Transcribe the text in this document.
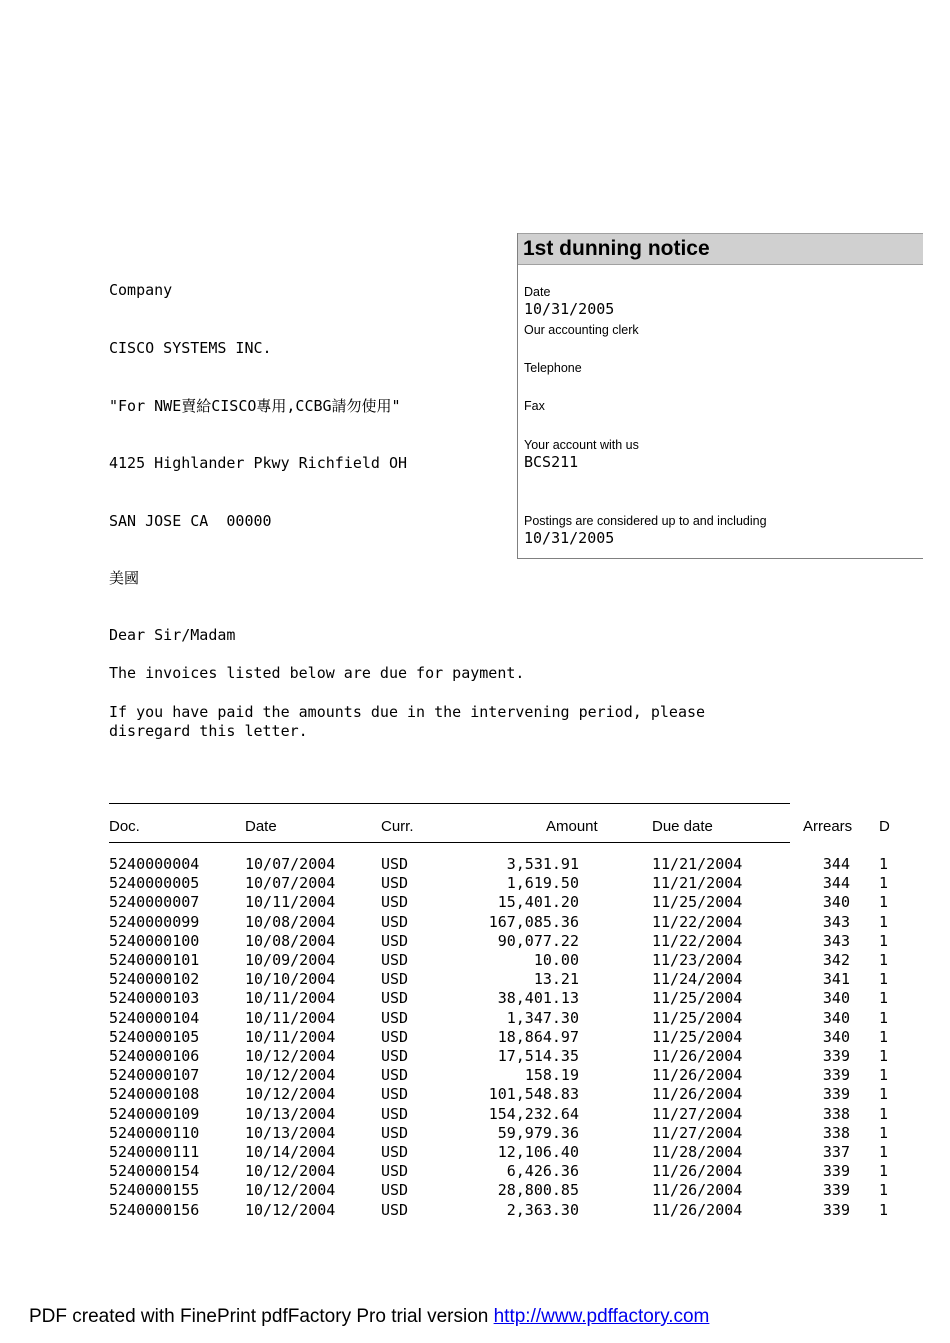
Company

CISCO SYSTEMS INC.

"For NWE賣給CISCO專用,CCBG請勿使用"

4125 Highlander Pkwy Richfield OH

SAN JOSE CA  00000

美國

1st dunning notice
Date
10/31/2005
Our accounting clerk
Telephone
Fax
Your account with us
BCS211
Postings are considered up to and including
10/31/2005

Dear Sir/Madam

The invoices listed below are due for payment.

If you have paid the amounts due in the intervening period, please

disregard this letter.

Doc.	Date	Curr.	Amount	Due date	Arrears D
5240000004	10/07/2004	USD	3,531.91	11/21/2004	344 1
5240000005	10/07/2004	USD	1,619.50	11/21/2004	344 1
5240000007	10/11/2004	USD	15,401.20	11/25/2004	340 1
5240000099	10/08/2004	USD	167,085.36	11/22/2004	343 1
5240000100	10/08/2004	USD	90,077.22	11/22/2004	343 1
5240000101	10/09/2004	USD	10.00	11/23/2004	342 1
5240000102	10/10/2004	USD	13.21	11/24/2004	341 1
5240000103	10/11/2004	USD	38,401.13	11/25/2004	340 1
5240000104	10/11/2004	USD	1,347.30	11/25/2004	340 1
5240000105	10/11/2004	USD	18,864.97	11/25/2004	340 1
5240000106	10/12/2004	USD	17,514.35	11/26/2004	339 1
5240000107	10/12/2004	USD	158.19	11/26/2004	339 1
5240000108	10/12/2004	USD	101,548.83	11/26/2004	339 1
5240000109	10/13/2004	USD	154,232.64	11/27/2004	338 1
5240000110	10/13/2004	USD	59,979.36	11/27/2004	338 1
5240000111	10/14/2004	USD	12,106.40	11/28/2004	337 1
5240000154	10/12/2004	USD	6,426.36	11/26/2004	339 1
5240000155	10/12/2004	USD	28,800.85	11/26/2004	339 1
5240000156	10/12/2004	USD	2,363.30	11/26/2004	339 1
PDF created with FinePrint pdfFactory Pro trial version http://www.pdffactory.com
